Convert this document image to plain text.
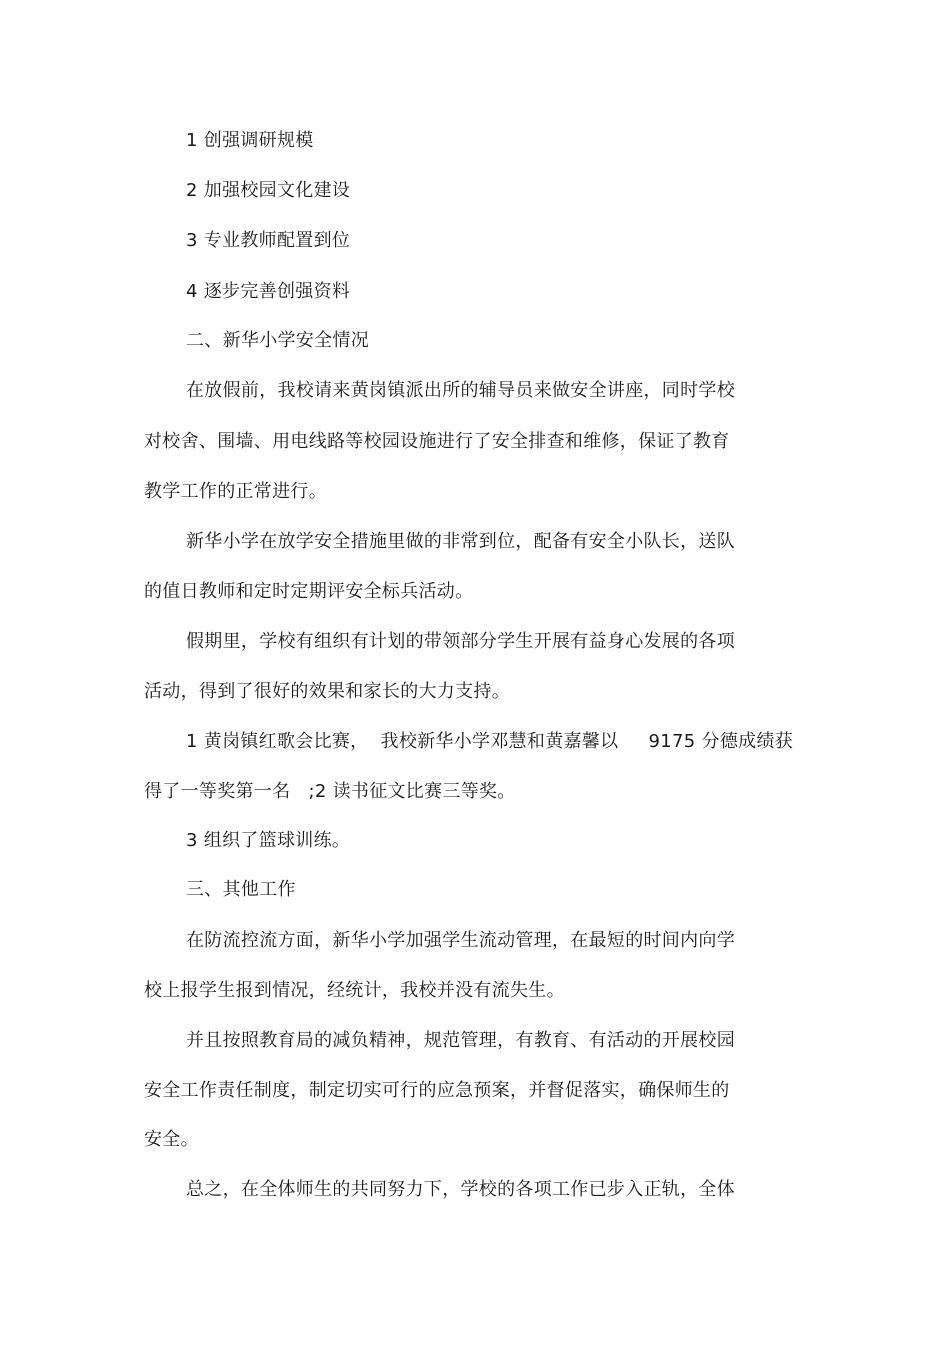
1 创强调研规模
2 加强校园文化建设
3 专业教师配置到位
4 逐步完善创强资料
二、新华小学安全情况
在放假前，我校请来黄岗镇派出所的辅导员来做安全讲座，同时学校
对校舍、围墙、用电线路等校园设施进行了安全排查和维修，保证了教育
教学工作的正常进行。
新华小学在放学安全措施里做的非常到位，配备有安全小队长，送队
的值日教师和定时定期评安全标兵活动。
假期里，学校有组织有计划的带领部分学生开展有益身心发展的各项
活动，得到了很好的效果和家长的大力支持。
1 黄岗镇红歌会比赛，  我校新华小学邓慧和黄嘉馨以     9175 分德成绩获
得了一等奖第一名   ;2 读书征文比赛三等奖。
3 组织了篮球训练。
三、其他工作
在防流控流方面，新华小学加强学生流动管理，在最短的时间内向学
校上报学生报到情况，经统计，我校并没有流失生。
并且按照教育局的减负精神，规范管理，有教育、有活动的开展校园
安全工作责任制度，制定切实可行的应急预案，并督促落实，确保师生的
安全。
总之，在全体师生的共同努力下，学校的各项工作已步入正轨，全体
